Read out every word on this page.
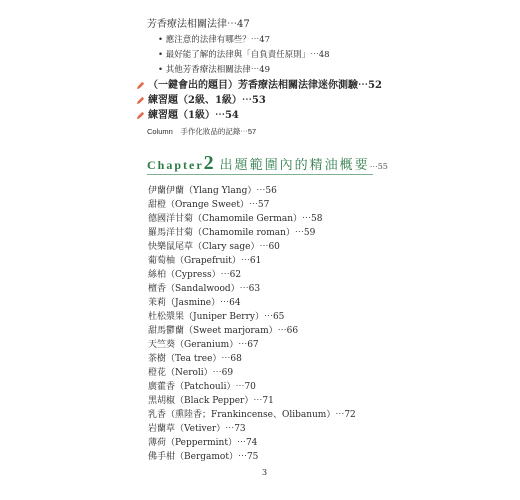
芳香療法相關法律⋯47
• 應注意的法律有哪些？⋯47
• 最好能了解的法律與「自負責任原則」⋯48
• 其他芳香療法相關法律⋯49
（一鍵會出的題目）芳香療法相關法律迷你測驗⋯52
練習題（2級、1級）⋯53
練習題（1級）⋯54
Column　手作化妝品的記錄⋯57
Chapter2 出題範圍內的精油概要⋯55
伊蘭伊蘭（Ylang Ylang）⋯56
甜橙（Orange Sweet）⋯57
德國洋甘菊（Chamomile German）⋯58
羅馬洋甘菊（Chamomile roman）⋯59
快樂鼠尾草（Clary sage）⋯60
葡萄柚（Grapefruit）⋯61
絲柏（Cypress）⋯62
檀香（Sandalwood）⋯63
茉莉（Jasmine）⋯64
杜松漿果（Juniper Berry）⋯65
甜馬鬱蘭（Sweet marjoram）⋯66
天竺葵（Geranium）⋯67
茶樹（Tea tree）⋯68
橙花（Neroli）⋯69
廣藿香（Patchouli）⋯70
黑胡椒（Black Pepper）⋯71
乳香（熏陸香；Frankincense、Olibanum）⋯72
岩蘭草（Vetiver）⋯73
薄荷（Peppermint）⋯74
佛手柑（Bergamot）⋯75
3
